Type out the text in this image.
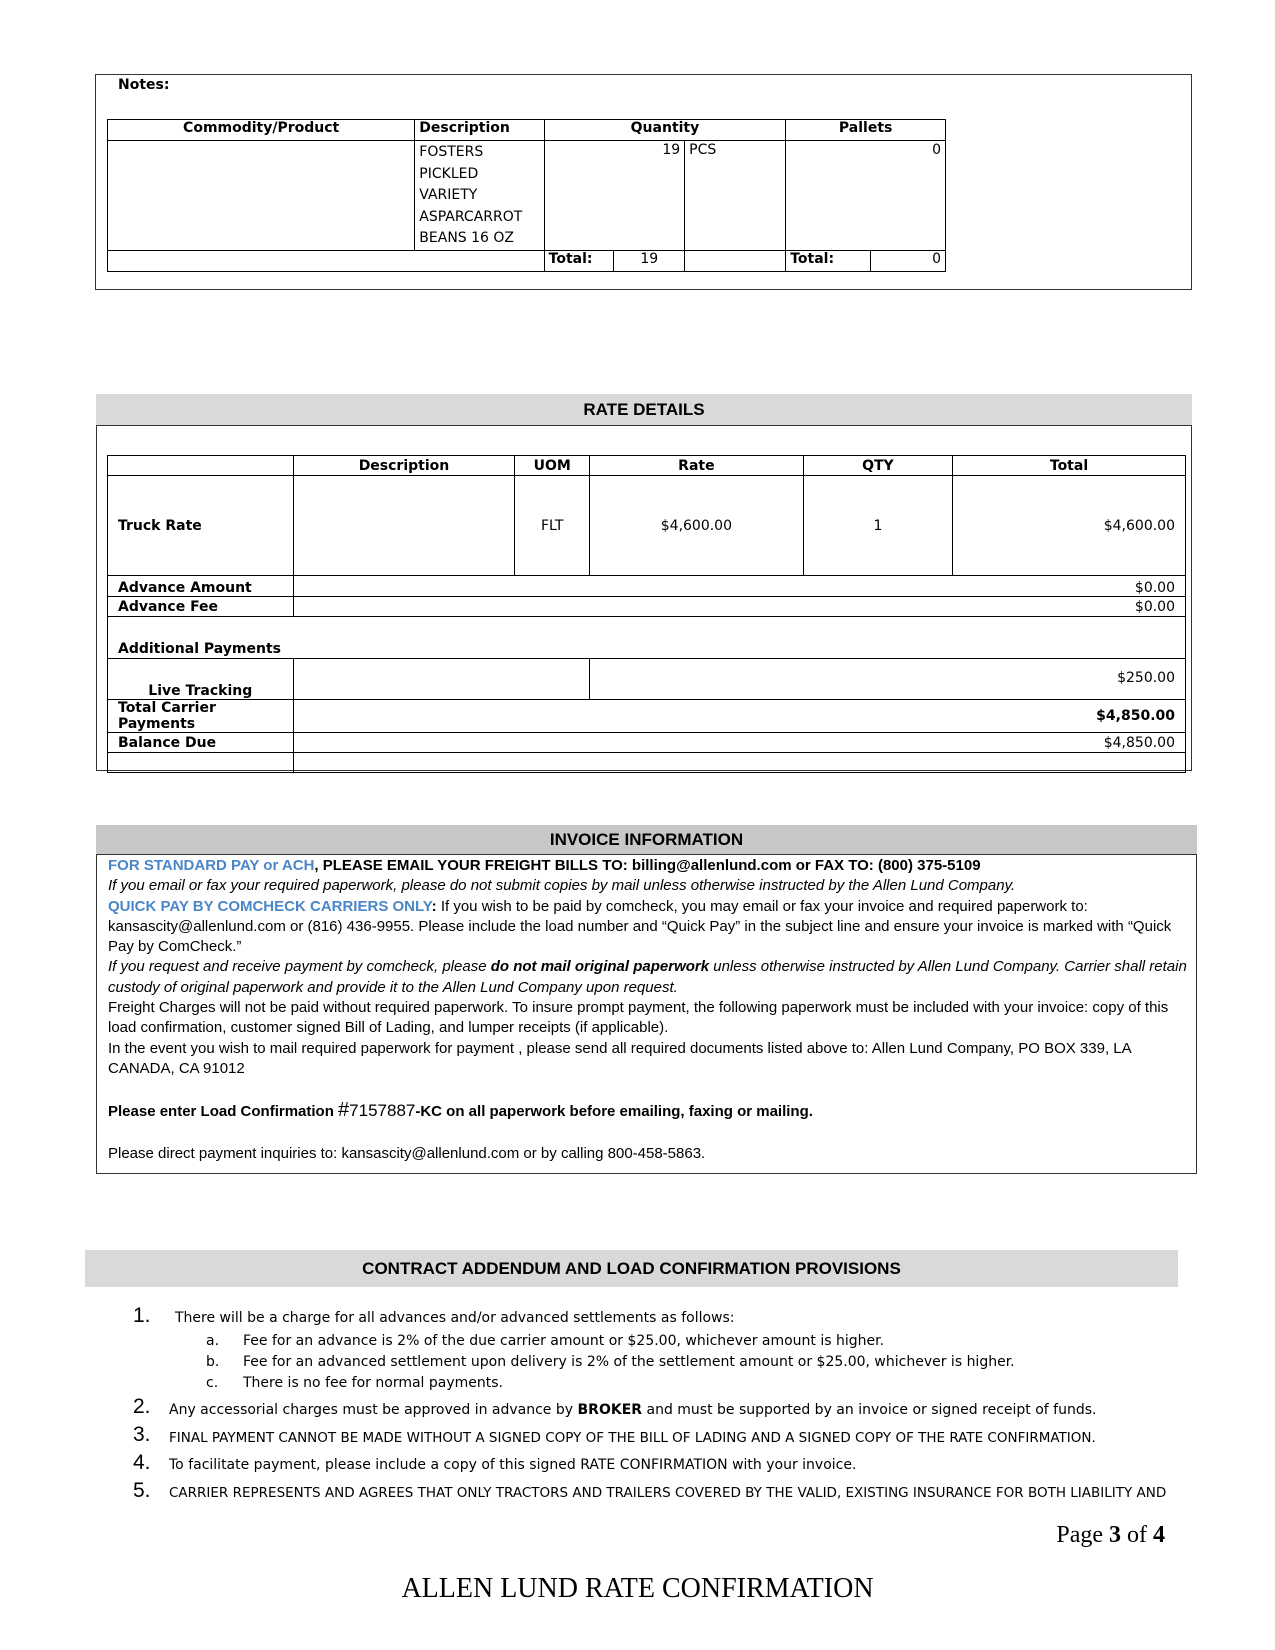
Notes:
Commodity/Product	Description	Quantity			Pallets	

	FOSTERS
PICKLED
VARIETY
ASPARCARROT
BEANS 16 OZ	19		PCS	0	
		Total:	19		Total:	0
RATE DETAILS
	Description	UOM	Rate	QTY	Total
Truck Rate		FLT	$4,600.00	1	$4,600.00
Advance Amount	$0.00				
Advance Fee	$0.00				
Additional Payments					
Live Tracking			$250.00		
Total Carrier Payments	$4,850.00				
Balance Due	$4,850.00				

INVOICE INFORMATION
FOR STANDARD PAY or ACH, PLEASE EMAIL YOUR FREIGHT BILLS TO: billing@allenlund.com or FAX TO: (800) 375-5109
If you email or fax your required paperwork, please do not submit copies by mail unless otherwise instructed by the Allen Lund Company.
QUICK PAY BY COMCHECK CARRIERS ONLY: If you wish to be paid by comcheck, you may email or fax your invoice and required paperwork to: kansascity@allenlund.com or (816) 436-9955. Please include the load number and “Quick Pay” in the subject line and ensure your invoice is marked with “Quick Pay by ComCheck.”
If you request and receive payment by comcheck, please do not mail original paperwork unless otherwise instructed by Allen Lund Company. Carrier shall retain custody of original paperwork and provide it to the Allen Lund Company upon request.
Freight Charges will not be paid without required paperwork. To insure prompt payment, the following paperwork must be included with your invoice: copy of this load confirmation, customer signed Bill of Lading, and lumper receipts (if applicable).
In the event you wish to mail required paperwork for payment , please send all required documents listed above to: Allen Lund Company, PO BOX 339, LA CANADA, CA 91012
Please enter Load Confirmation #7157887-KC on all paperwork before emailing, faxing or mailing.
Please direct payment inquiries to: kansascity@allenlund.com or by calling 800-458-5863.
CONTRACT ADDENDUM AND LOAD CONFIRMATION PROVISIONS
1. There will be a charge for all advances and/or advanced settlements as follows:
a. Fee for an advance is 2% of the due carrier amount or $25.00, whichever amount is higher.
b. Fee for an advanced settlement upon delivery is 2% of the settlement amount or $25.00, whichever is higher.
c. There is no fee for normal payments.
2. Any accessorial charges must be approved in advance by BROKER and must be supported by an invoice or signed receipt of funds.
3. FINAL PAYMENT CANNOT BE MADE WITHOUT A SIGNED COPY OF THE BILL OF LADING AND A SIGNED COPY OF THE RATE CONFIRMATION.
4. To facilitate payment, please include a copy of this signed RATE CONFIRMATION with your invoice.
5. CARRIER REPRESENTS AND AGREES THAT ONLY TRACTORS AND TRAILERS COVERED BY THE VALID, EXISTING INSURANCE FOR BOTH LIABILITY AND
Page 3 of 4
ALLEN LUND RATE CONFIRMATION
